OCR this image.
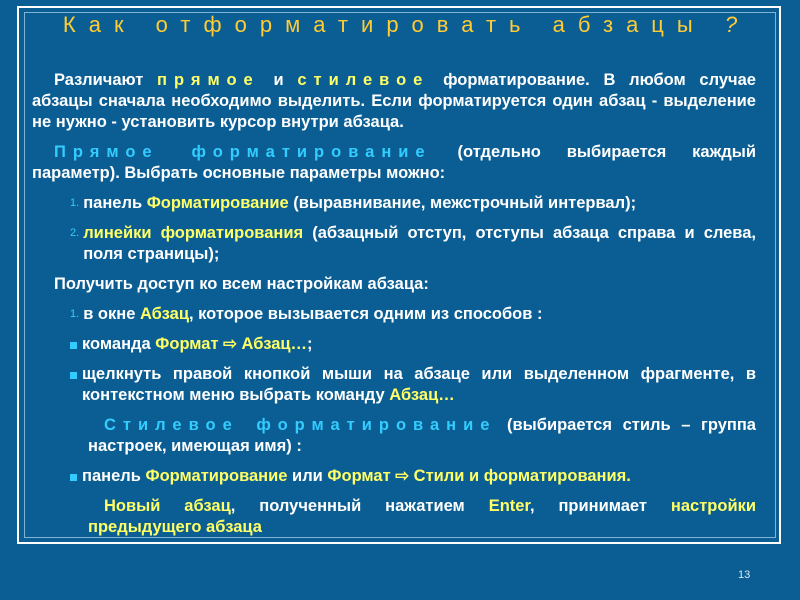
Как отформатировать абзацы ?
Различают прямое и стилевое форматирование. В любом случае абзацы сначала необходимо выделить. Если форматируется один абзац - выделение не нужно - установить курсор внутри абзаца.
Прямое форматирование (отдельно выбирается каждый параметр). Выбрать основные параметры можно:
1. панель Форматирование (выравнивание, межстрочный интервал);
2. линейки форматирования (абзацный отступ, отступы абзаца справа и слева, поля страницы);
Получить доступ ко всем настройкам абзаца:
1. в окне Абзац, которое вызывается одним из способов :
команда Формат ⇨ Абзац…;
щелкнуть правой кнопкой мыши на абзаце или выделенном фрагменте, в контекстном меню выбрать команду Абзац…
Стилевое форматирование (выбирается стиль – группа настроек, имеющая имя) :
панель Форматирование или Формат ⇨ Стили и форматирования.
Новый абзац, полученный нажатием Enter, принимает настройки предыдущего абзаца
13
